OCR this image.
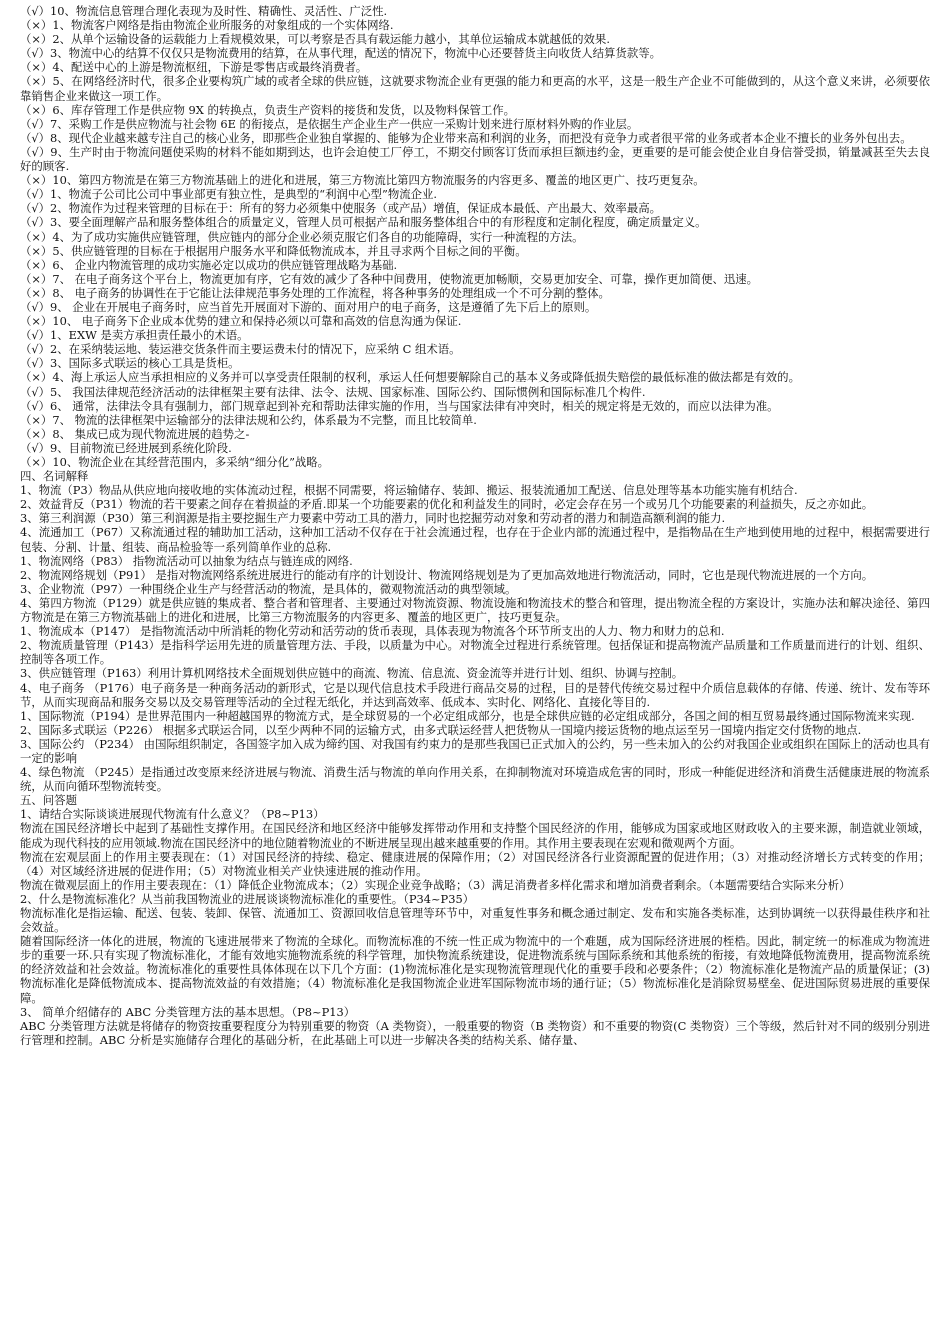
（√）10、物流信息管理合理化表现为及时性、精确性、灵活性、广泛性.

（×）1、物流客户网络是指由物流企业所服务的对象组成的一个实体网络.

（×）2、从单个运输设备的运载能力上看规模效果，可以考察是否具有载运能力越小，其单位运输成本就越低的效果.

（√）3、物流中心的结算不仅仅只是物流费用的结算，在从事代理，配送的情况下，物流中心还要替货主向收货人结算货款等。

（×）4、配送中心的上游是物流枢纽，下游是零售店或最终消费者。

（×）5、在网络经济时代，很多企业要构筑广域的或者全球的供应链，这就要求物流企业有更强的能力和更高的水平，这是一般生产企业不可能做到的，从这个意义来讲，必须要依靠销售企业来做这一项工作。

（×）6、库存管理工作是供应物 9X 的转换点，负责生产资料的接货和发货，以及物料保管工作。

（√）7、采购工作是供应物流与社会物 6E 的衔接点，是依据生产企业生产一供应一采购计划来进行原材料外购的作业层。

（√）8、现代企业越来越专注自己的核心业务，即那些企业独自掌握的、能够为企业带来高和利润的业务，而把没有竞争力或者很平常的业务或者本企业不擅长的业务外包出去。

（√）9、生产时由于物流问题使采购的材料不能如期到达，也许会迫使工厂停工，不期交付顾客订货而承担巨额违约金，更重要的是可能会使企业自身信誉受损，销量减甚至失去良好的顾客.

（×）10、第四方物流是在第三方物流基础上的进化和进展，第三方物流比第四方物流服务的内容更多、覆盖的地区更广、技巧更复杂。

（√）1、物流子公司比公司中事业部更有独立性，是典型的“利润中心型”物流企业.

（√）2、物流作为过程来管理的目标在于：所有的努力必须集中使服务（或产品）增值，保证成本最低、产出最大、效率最高。

（√）3、要全面理解产品和服务整体组合的质量定义，管理人员可根据产品和服务整体组合中的有形程度和定制化程度，确定质量定义。

（×）4、为了成功实施供应链管理，供应链内的部分企业必须克服它们各自的功能障碍，实行一种流程的方法。

（×）5、供应链管理的目标在于根据用户服务水平和降低物流成本，并且寻求两个目标之间的平衡。

（×）6、 企业内物流管理的成功实施必定以成功的供应链管理战略为基础.

（×）7、 在电子商务这个平台上，物流更加有序，它有效的减少了各种中间费用，使物流更加畅顺，交易更加安全、可靠，操作更加简便、迅速。

（×）8、 电子商务的协调性在于它能让法律规范事务处理的工作流程，将各种事务的处理组成一个不可分割的整体。

（√）9、 企业在开展电子商务时，应当首先开展面对下游的、面对用户的电子商务，这是遵循了先下后上的原则。

（×）10、 电子商务下企业成本优势的建立和保持必须以可靠和高效的信息沟通为保证.

（√）1、EXW 是卖方承担责任最小的术语。

（√）2、在采纳装运地、装运港交货条件而主要运费未付的情况下，应采纳 C 组术语。

（√）3、国际多式联运的核心工具是货柜。

（×）4、海上承运人应当承担相应的义务并可以享受责任限制的权利，承运人任何想要解除自己的基本义务或降低损失赔偿的最低标准的做法都是有效的。

（√）5、 我国法律规范经济活动的法律框架主要有法律、法令、法规、国家标准、国际公约、国际惯例和国际标准几个构件.

（√）6、 通常，法律法令具有强制力，部门规章起到补充和帮助法律实施的作用，当与国家法律有冲突时，相关的规定将是无效的，而应以法律为准。

（×）7、 物流的法律框架中运输部分的法律法规和公约，体系最为不完整，而且比较简单.

（×）8、 集成已成为现代物流进展的趋势之-

（√）9、目前物流已经进展到系统化阶段.

（×）10、物流企业在其经营范围内，多采纳“细分化”战略。

四、名词解释

1、物流（P3）物品从供应地向接收地的实体流动过程，根据不同需要，将运输储存、装卸、搬运、报装流通加工配送、信息处理等基本功能实施有机结合.

2、效益背反（P31）物流的若干要素之间存在着损益的矛盾.即某一个功能要素的优化和利益发生的同时，必定会存在另一个或另几个功能要素的利益损失，反之亦如此。

3、第三利润源（P30）第三利润源是指主要挖掘生产力要素中劳动工具的潜力，同时也挖掘劳动对象和劳动者的潜力和制造高额利润的能力.

4、流通加工（P67）又称流通过程的辅助加工活动，这种加工活动不仅存在于社会流通过程，也存在于企业内部的流通过程中，是指物品在生产地到使用地的过程中，根据需要进行包装、分割、计量、组装、商品检验等一系列简单作业的总称.

1、物流网络（P83） 指物流活动可以抽象为结点与链连成的网络.

2、物流网络规划（P91） 是指对物流网络系统进展进行的能动有序的计划设计、物流网络规划是为了更加高效地进行物流活动，同时，它也是现代物流进展的一个方向。

3、企业物流（P97）一种围绕企业生产与经营活动的物流，是具体的，微观物流活动的典型领域。

4、第四方物流（P129）就是供应链的集成者、整合者和管理者、主要通过对物流资源、物流设施和物流技术的整合和管理，提出物流全程的方案设计，实施办法和解决途径、第四方物流是在第三方物流基础上的进化和进展，比第三方物流服务的内容更多、覆盖的地区更广，技巧更复杂。

1、物流成本（P147） 是指物流活动中所消耗的物化劳动和活劳动的货币表现，具体表现为物流各个环节所支出的人力、物力和财力的总和.

2、物流质量管理（P143）是指科学运用先进的质量管理方法、手段，以质量为中心。对物流全过程进行系统管理。包括保证和提高物流产品质量和工作质量而进行的计划、组织、控制等各项工作。

3、供应链管理（P163）利用计算机网络技术全面规划供应链中的商流、物流、信息流、资金流等并进行计划、组织、协调与控制。

4、电子商务 （P176）电子商务是一种商务活动的新形式，它是以现代信息技术手段进行商品交易的过程，目的是替代传统交易过程中介质信息载体的存储、传递、统计、发布等环节，从而实现商品和服务交易以及交易管理等活动的全过程无纸化，并达到高效率、低成本、实时化、网络化、直接化等目的.

1、国际物流（P194）是世界范围内一种超越国界的物流方式，是全球贸易的一个必定组成部分，也是全球供应链的必定组成部分，各国之间的相互贸易最终通过国际物流来实现.

2、国际多式联运（P226） 根据多式联运合同，以至少两种不同的运输方式，由多式联运经营人把货物从一国境内接运货物的地点运至另一国境内指定交付货物的地点.

3、国际公约 （P234） 由国际组织制定，各国签字加入成为缔约国、对我国有约束力的是那些我国已正式加入的公约，另一些未加入的公约对我国企业或组织在国际上的活动也具有一定的影响

4、绿色物流 （P245）是指通过改变原来经济进展与物流、消费生活与物流的单向作用关系，在抑制物流对环境造成危害的同时，形成一种能促进经济和消费生活健康进展的物流系统，从而向循环型物流转变。

五、问答题

1、请结合实际谈谈进展现代物流有什么意义？（P8~P13）

物流在国民经济增长中起到了基础性支撑作用。在国民经济和地区经济中能够发挥带动作用和支持整个国民经济的作用，能够成为国家或地区财政收入的主要来源，制造就业领域，能成为现代科技的应用领域.物流在国民经济中的地位随着物流业的不断进展呈现出越来越重要的作用。其作用主要表现在宏观和微观两个方面。

物流在宏观层面上的作用主要表现在：（1）对国民经济的持续、稳定、健康进展的保障作用；（2）对国民经济各行业资源配置的促进作用；（3）对推动经济增长方式转变的作用；（4）对区域经济进展的促进作用；（5）对物流业相关产业快速进展的推动作用。

物流在微观层面上的作用主要表现在：（1）降低企业物流成本；（2）实现企业竞争战略；（3）满足消费者多样化需求和增加消费者剩余。（本题需要结合实际来分析）

2、什么是物流标准化？从当前我国物流业的进展谈谈物流标准化的重要性。（P34~P35）

物流标准化是指运输、配送、包装、装卸、保管、流通加工、资源回收信息管理等环节中，对重复性事务和概念通过制定、发布和实施各类标准，达到协调统一以获得最佳秩序和社会效益。

随着国际经济一体化的进展，物流的飞速进展带来了物流的全球化。而物流标准的不统一性正成为物流中的一个难题，成为国际经济进展的桎梏。因此，制定统一的标准成为物流进步的重要一环.只有实现了物流标准化，才能有效地实施物流系统的科学管理，加快物流系统建设，促进物流系统与国际系统和其他系统的衔接，有效地降低物流费用，提高物流系统的经济效益和社会效益。物流标准化的重要性具体体现在以下几个方面：(1)物流标准化是实现物流管理现代化的重要手段和必要条件；（2）物流标准化是物流产品的质量保证；(3)物流标准化是降低物流成本、提高物流效益的有效措施；（4）物流标准化是我国物流企业进军国际物流市场的通行证；（5）物流标准化是消除贸易壁垒、促进国际贸易进展的重要保障。

3、 简单介绍储存的 ABC 分类管理方法的基本思想。（P8~P13）

ABC 分类管理方法就是将储存的物资按重要程度分为特别重要的物资（A 类物资），一般重要的物资（B 类物资）和不重要的物资(C 类物资）三个等级，然后针对不同的级别分别进行管理和控制。ABC 分析是实施储存合理化的基础分析，在此基础上可以进一步解决各类的结构关系、储存量、
